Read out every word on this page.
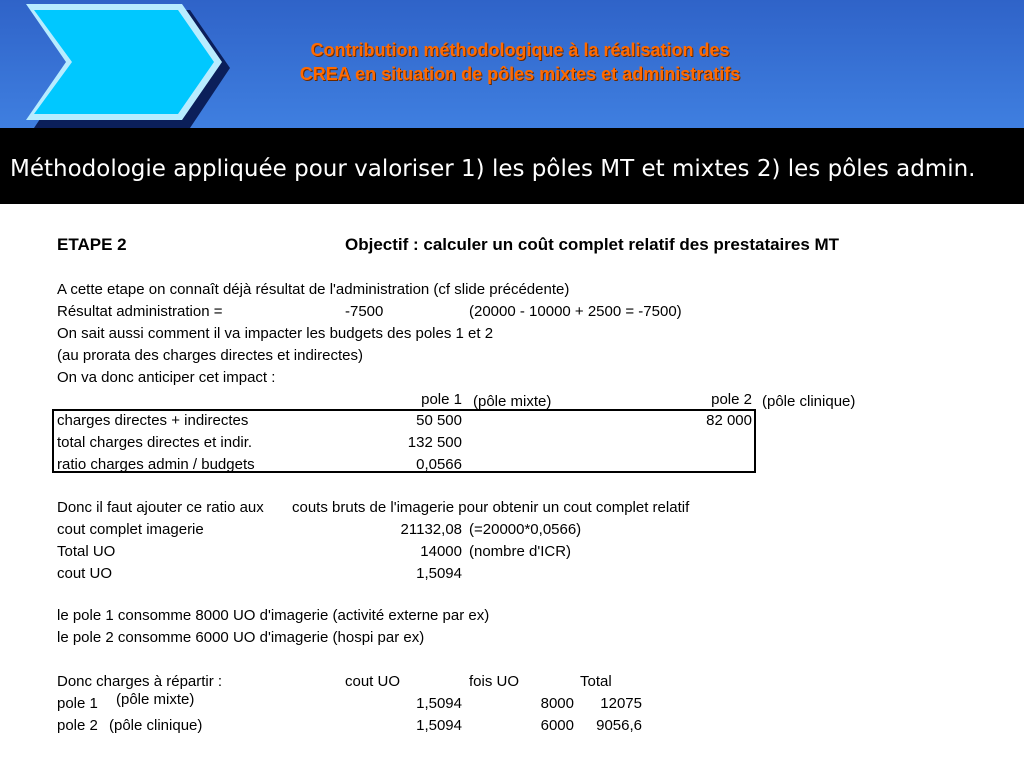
Contribution méthodologique à la réalisation des
CREA en situation de pôles mixtes et administratifs
Méthodologie appliquée pour valoriser 1) les pôles MT et mixtes 2) les pôles admin.
ETAPE 2	Objectif : calculer un coût complet relatif des prestataires MT
A cette etape on connaît déjà résultat de l'administration (cf slide précédente)
Résultat administration =	-7500	(20000 - 10000 + 2500 = -7500)
On sait aussi comment il va impacter les budgets des poles 1 et 2
(au prorata des charges directes et indirectes)
On va donc anticiper cet impact :
pole 1 (pôle mixte)	pole 2 (pôle clinique)
charges directes + indirectes	50 500	82 000
total charges directes et indir.	132 500
ratio charges admin / budgets	0,0566
Donc il faut ajouter ce ratio aux couts bruts de l'imagerie pour obtenir un cout complet relatif
cout complet imagerie	21132,08 (=20000*0,0566)
Total UO	14000 (nombre d'ICR)
cout UO	1,5094
le pole 1 consomme 8000 UO d'imagerie (activité externe par ex)
le pole 2 consomme 6000 UO d'imagerie (hospi par ex)
Donc charges à répartir :	cout UO	fois UO	Total
pole 1 (pôle mixte)	1,5094	8000	12075
pole 2 (pôle clinique)	1,5094	6000	9056,6
